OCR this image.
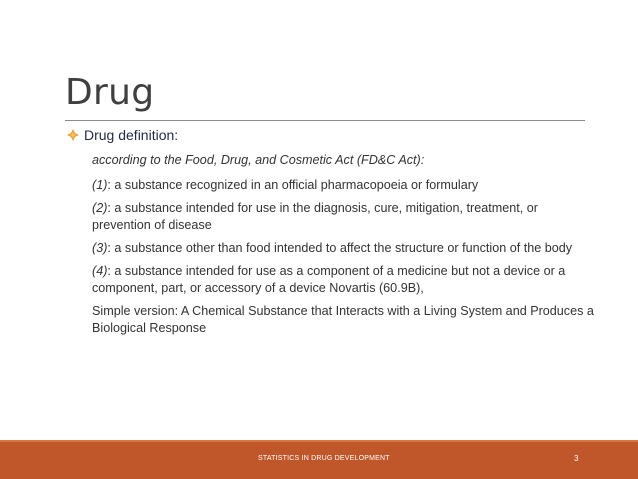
Drug
Drug definition:

according to the Food, Drug, and Cosmetic Act (FD&C Act):

(1): a substance recognized in an official pharmacopoeia or formulary

(2): a substance intended for use in the diagnosis, cure, mitigation, treatment, or prevention of disease

(3): a substance other than food intended to affect the structure or function of the body

(4): a substance intended for use as a component of a medicine but not a device or a component, part, or accessory of a device Novartis (60.9B),

Simple version: A Chemical Substance that Interacts with a Living System and Produces a Biological Response

STATISTICS IN DRUG DEVELOPMENT	3
